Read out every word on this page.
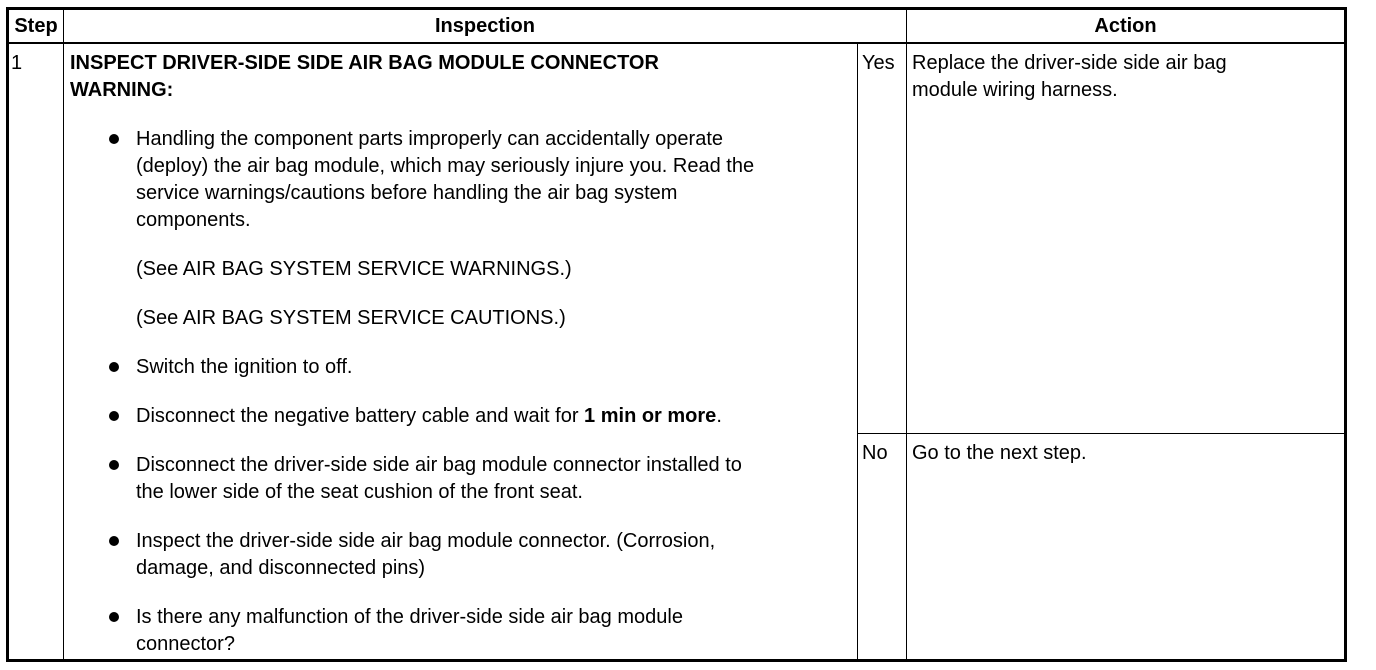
Step	Inspection	Action
1 INSPECT DRIVER-SIDE SIDE AIR BAG MODULE CONNECTOR
WARNING:
Handling the component parts improperly can accidentally operate
(deploy) the air bag module, which may seriously injure you. Read the
service warnings/cautions before handling the air bag system
components.
(See AIR BAG SYSTEM SERVICE WARNINGS.)
(See AIR BAG SYSTEM SERVICE CAUTIONS.)
Switch the ignition to off.
Disconnect the negative battery cable and wait for 1 min or more.
Disconnect the driver-side side air bag module connector installed to
the lower side of the seat cushion of the front seat.
Inspect the driver-side side air bag module connector. (Corrosion,
damage, and disconnected pins)
Is there any malfunction of the driver-side side air bag module
connector?
Yes
No
Replace the driver-side side air bag
module wiring harness.
Go to the next step.
